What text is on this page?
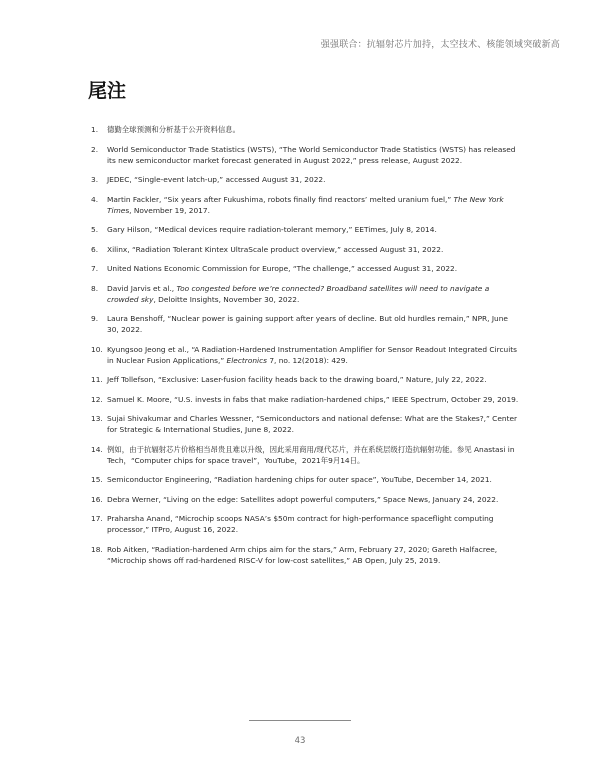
强强联合：抗辐射芯片加持，太空技术、核能领域突破新高
尾注
1.	德勤全球预测和分析基于公开资料信息。
2.	World Semiconductor Trade Statistics (WSTS), “The World Semiconductor Trade Statistics (WSTS) has released its new semiconductor market forecast generated in August 2022,” press release, August 2022.
3.	JEDEC, “Single-event latch-up,” accessed August 31, 2022.
4.	Martin Fackler, “Six years after Fukushima, robots finally find reactors’ melted uranium fuel,” The New York Times, November 19, 2017.
5.	Gary Hilson, “Medical devices require radiation-tolerant memory,” EETimes, July 8, 2014.
6.	Xilinx, “Radiation Tolerant Kintex UltraScale product overview,” accessed August 31, 2022.
7.	United Nations Economic Commission for Europe, “The challenge,” accessed August 31, 2022.
8.	David Jarvis et al., Too congested before we’re connected? Broadband satellites will need to navigate a crowded sky, Deloitte Insights, November 30, 2022.
9.	Laura Benshoff, “Nuclear power is gaining support after years of decline. But old hurdles remain,” NPR, June 30, 2022.
10. Kyungsoo Jeong et al., “A Radiation-Hardened Instrumentation Amplifier for Sensor Readout Integrated Circuits in Nuclear Fusion Applications,” Electronics 7, no. 12(2018): 429.
11. Jeff Tollefson, “Exclusive: Laser-fusion facility heads back to the drawing board,” Nature, July 22, 2022.
12. Samuel K. Moore, “U.S. invests in fabs that make radiation-hardened chips,” IEEE Spectrum, October 29, 2019.
13. Sujai Shivakumar and Charles Wessner, “Semiconductors and national defense: What are the Stakes?,” Center for Strategic & International Studies, June 8, 2022.
14. 例如，由于抗辐射芯片价格相当昂贵且难以升级，因此采用商用/现代芯片，并在系统层级打造抗辐射功能。参见 Anastasi in Tech，“Computer chips for space travel”，YouTube，2021年9月14日。
15. Semiconductor Engineering, “Radiation hardening chips for outer space”, YouTube, December 14, 2021.
16. Debra Werner, “Living on the edge: Satellites adopt powerful computers,” Space News, January 24, 2022.
17. Praharsha Anand, “Microchip scoops NASA’s $50m contract for high-performance spaceflight computing processor,” ITPro, August 16, 2022.
18. Rob Aitken, “Radiation-hardened Arm chips aim for the stars,” Arm, February 27, 2020; Gareth Halfacree, “Microchip shows off rad-hardened RISC-V for low-cost satellites,” AB Open, July 25, 2019.
43
